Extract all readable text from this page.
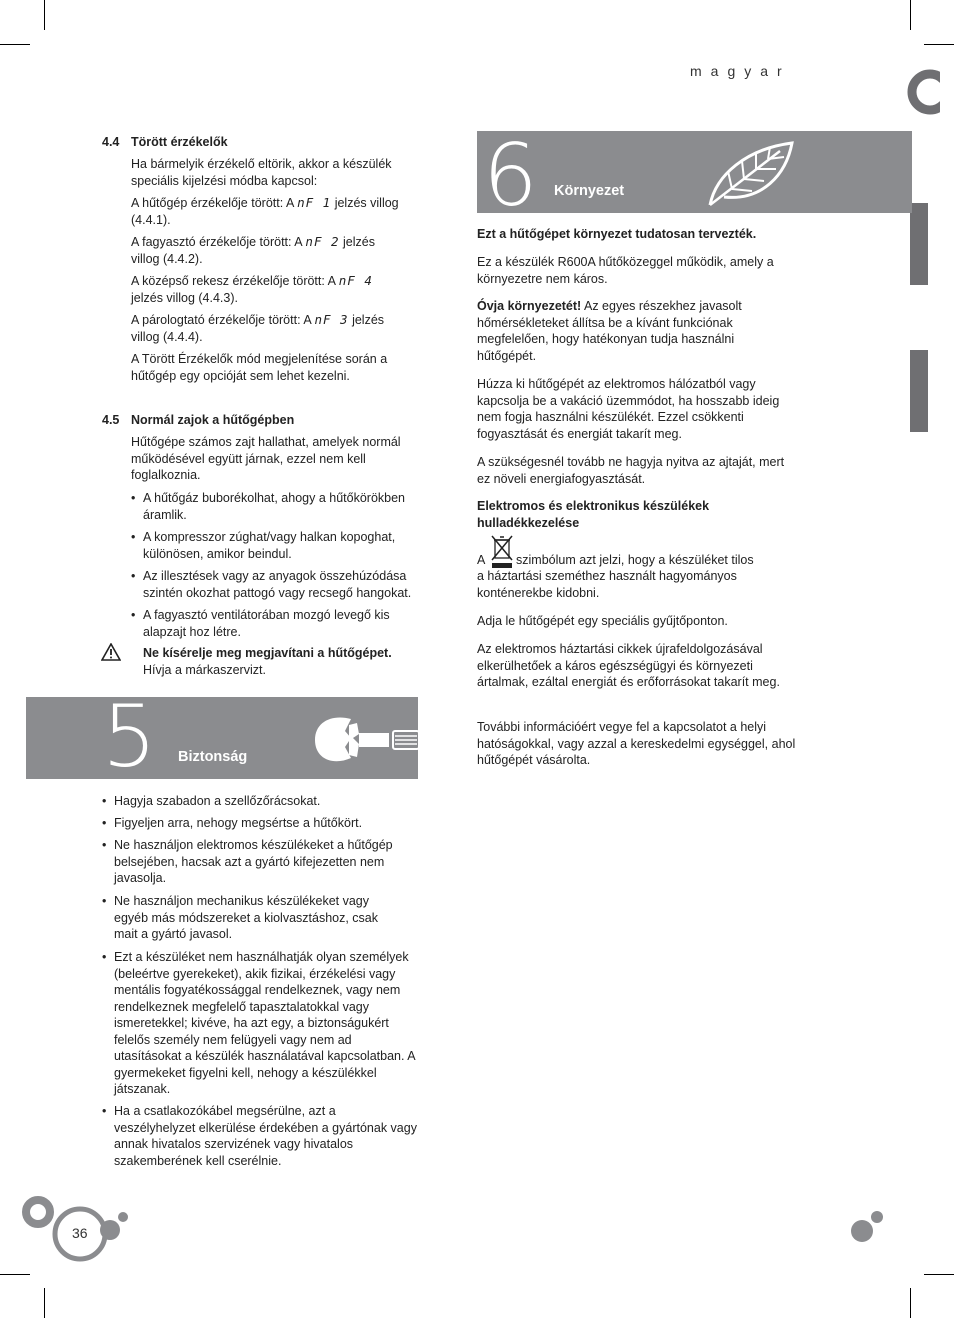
magyar
4.4 Törött érzékelők
Ha bármelyik érzékelő eltörik, akkor a készülék speciális kijelzési módba kapcsol:
A hűtőgép érzékelője törött: A nF 1 jelzés villog (4.4.1).
A fagyasztó érzékelője törött: A nF 2 jelzés villog (4.4.2).
A középső rekesz érzékelője törött: A nF 4 jelzés villog (4.4.3).
A párologtató érzékelője törött: A nF 3 jelzés villog (4.4.4).
A Törött Érzékelők mód megjelenítése során a hűtőgép egy opcióját sem lehet kezelni.
4.5 Normál zajok a hűtőgépben
Hűtőgépe számos zajt hallathat, amelyek normál működésével együtt járnak, ezzel nem kell foglalkoznia.
• A hűtőgáz buborékolhat, ahogy a hűtőkörökben áramlik.
• A kompresszor zúghat/vagy halkan kopoghat, különösen, amikor beindul.
• Az illesztések vagy az anyagok összehúzódása szintén okozhat pattogó vagy recsegő hangokat.
• A fagyasztó ventilátorában mozgó levegő kis alapzajt hoz létre.
Ne kísérelje meg megjavítani a hűtőgépet.
Hívja a márkaszervizt.
5 Biztonság
• Hagyja szabadon a szellőzőrácsokat.
• Figyeljen arra, nehogy megsértse a hűtőkört.
• Ne használjon elektromos készülékeket a hűtőgép belsejében, hacsak azt a gyártó kifejezetten nem javasolja.
• Ne használjon mechanikus készülékeket vagy egyéb más módszereket a kiolvasztáshoz, csak mait a gyártó javasol.
• Ezt a készüléket nem használhatják olyan személyek (beleértve gyerekeket), akik fizikai, érzékelési vagy mentális fogyatékossággal rendelkeznek, vagy nem rendelkeznek megfelelő tapasztalatokkal vagy ismeretekkel; kivéve, ha azt egy, a biztonságukért felelős személy nem felügyeli vagy nem ad utasításokat a készülék használatával kapcsolatban. A gyermekeket figyelni kell, nehogy a készülékkel játszanak.
• Ha a csatlakozókábel megsérülne, azt a veszélyhelyzet elkerülése érdekében a gyártónak vagy annak hivatalos szervizének vagy hivatalos szakemberének kell cserélnie.
6 Környezet
Ezt a hűtőgépet környezet tudatosan tervezték.
Ez a készülék R600A hűtőközeggel működik, amely a környezetre nem káros.
Óvja környezetét! Az egyes részekhez javasolt hőmérsékleteket állítsa be a kívánt funkciónak megfelelően, hogy hatékonyan tudja használni hűtőgépét.
Húzza ki hűtőgépét az elektromos hálózatból vagy kapcsolja be a vakáció üzemmódot, ha hosszabb ideig nem fogja használni készülékét. Ezzel csökkenti fogyasztását és energiát takarít meg.
A szükségesnél tovább ne hagyja nyitva az ajtaját, mert ez növeli energiafogyasztását.
Elektromos és elektronikus készülékek hulladékkezelése
A	szimbólum azt jelzi, hogy a készüléket tilos
a háztartási szeméthez használt hagyományos konténerekbe kidobni.
Adja le hűtőgépét egy speciális gyűjtőponton.
Az elektromos háztartási cikkek újrafeldolgozásával elkerülhetőek a káros egészségügyi és környezeti ártalmak, ezáltal energiát és erőforrásokat takarít meg.
További információért vegye fel a kapcsolatot a helyi hatóságokkal, vagy azzal a kereskedelmi egységgel, ahol hűtőgépét vásárolta.
36
